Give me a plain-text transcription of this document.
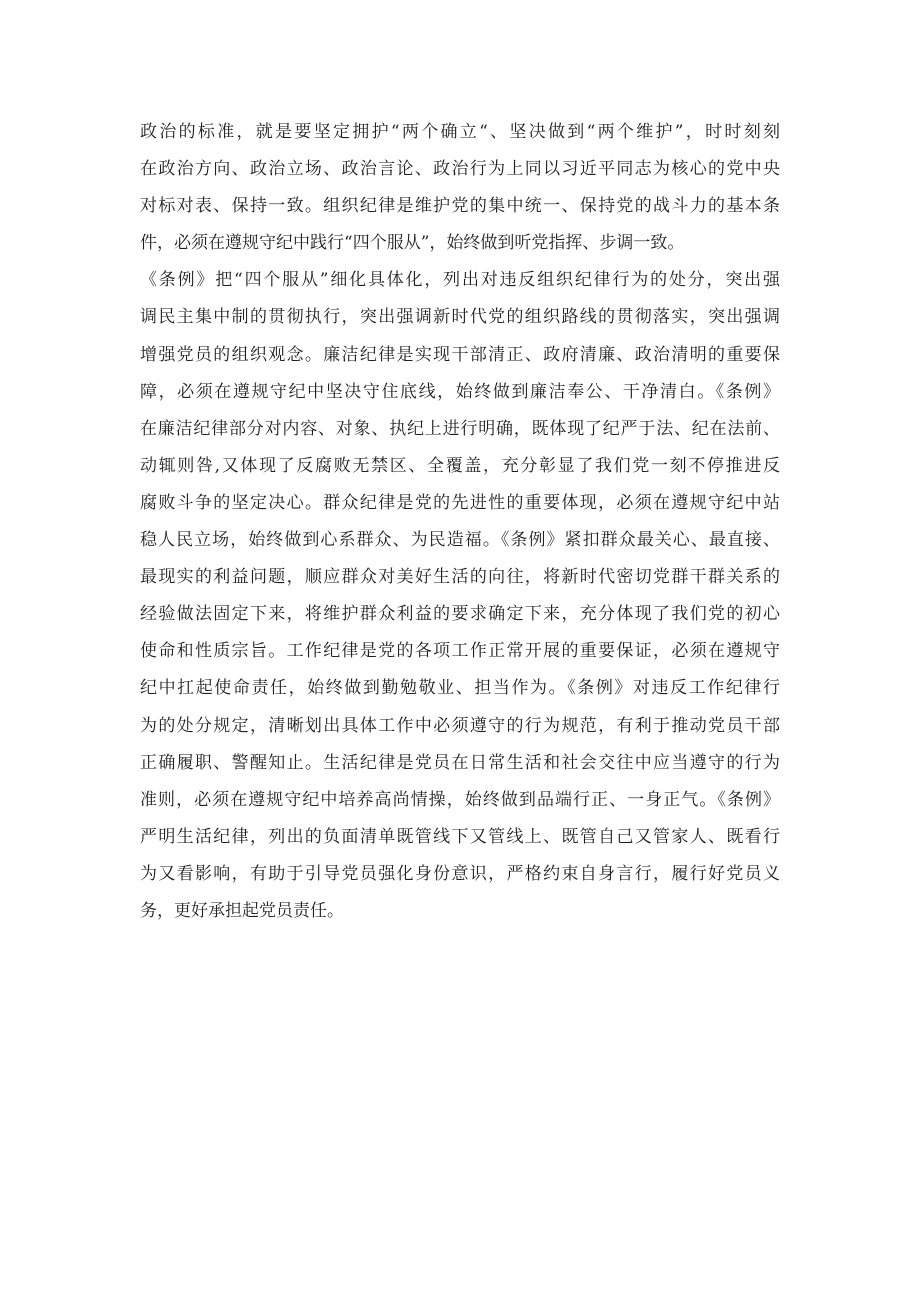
政治的标准，就是要坚定拥护“两个确立“、坚决做到“两个维护”，时时刻刻
在政治方向、政治立场、政治言论、政治行为上同以习近平同志为核心的党中央
对标对表、保持一致。组织纪律是维护党的集中统一、保持党的战斗力的基本条
件，必须在遵规守纪中践行“四个服从”，始终做到听党指挥、步调一致。
《条例》把“四个服从”细化具体化，列出对违反组织纪律行为的处分，突出强
调民主集中制的贯彻执行，突出强调新时代党的组织路线的贯彻落实，突出强调
增强党员的组织观念。廉洁纪律是实现干部清正、政府清廉、政治清明的重要保
障，必须在遵规守纪中坚决守住底线，始终做到廉洁奉公、干净清白。《条例》
在廉洁纪律部分对内容、对象、执纪上进行明确，既体现了纪严于法、纪在法前、
动辄则咎,又体现了反腐败无禁区、全覆盖，充分彰显了我们党一刻不停推进反
腐败斗争的坚定决心。群众纪律是党的先进性的重要体现，必须在遵规守纪中站
稳人民立场，始终做到心系群众、为民造福。《条例》紧扣群众最关心、最直接、
最现实的利益问题，顺应群众对美好生活的向往，将新时代密切党群干群关系的
经验做法固定下来，将维护群众利益的要求确定下来，充分体现了我们党的初心
使命和性质宗旨。工作纪律是党的各项工作正常开展的重要保证，必须在遵规守
纪中扛起使命责任，始终做到勤勉敬业、担当作为。《条例》对违反工作纪律行
为的处分规定，清晰划出具体工作中必须遵守的行为规范，有利于推动党员干部
正确履职、警醒知止。生活纪律是党员在日常生活和社会交往中应当遵守的行为
准则，必须在遵规守纪中培养高尚情操，始终做到品端行正、一身正气。《条例》
严明生活纪律，列出的负面清单既管线下又管线上、既管自己又管家人、既看行
为又看影响，有助于引导党员强化身份意识，严格约束自身言行，履行好党员义
务，更好承担起党员责任。
